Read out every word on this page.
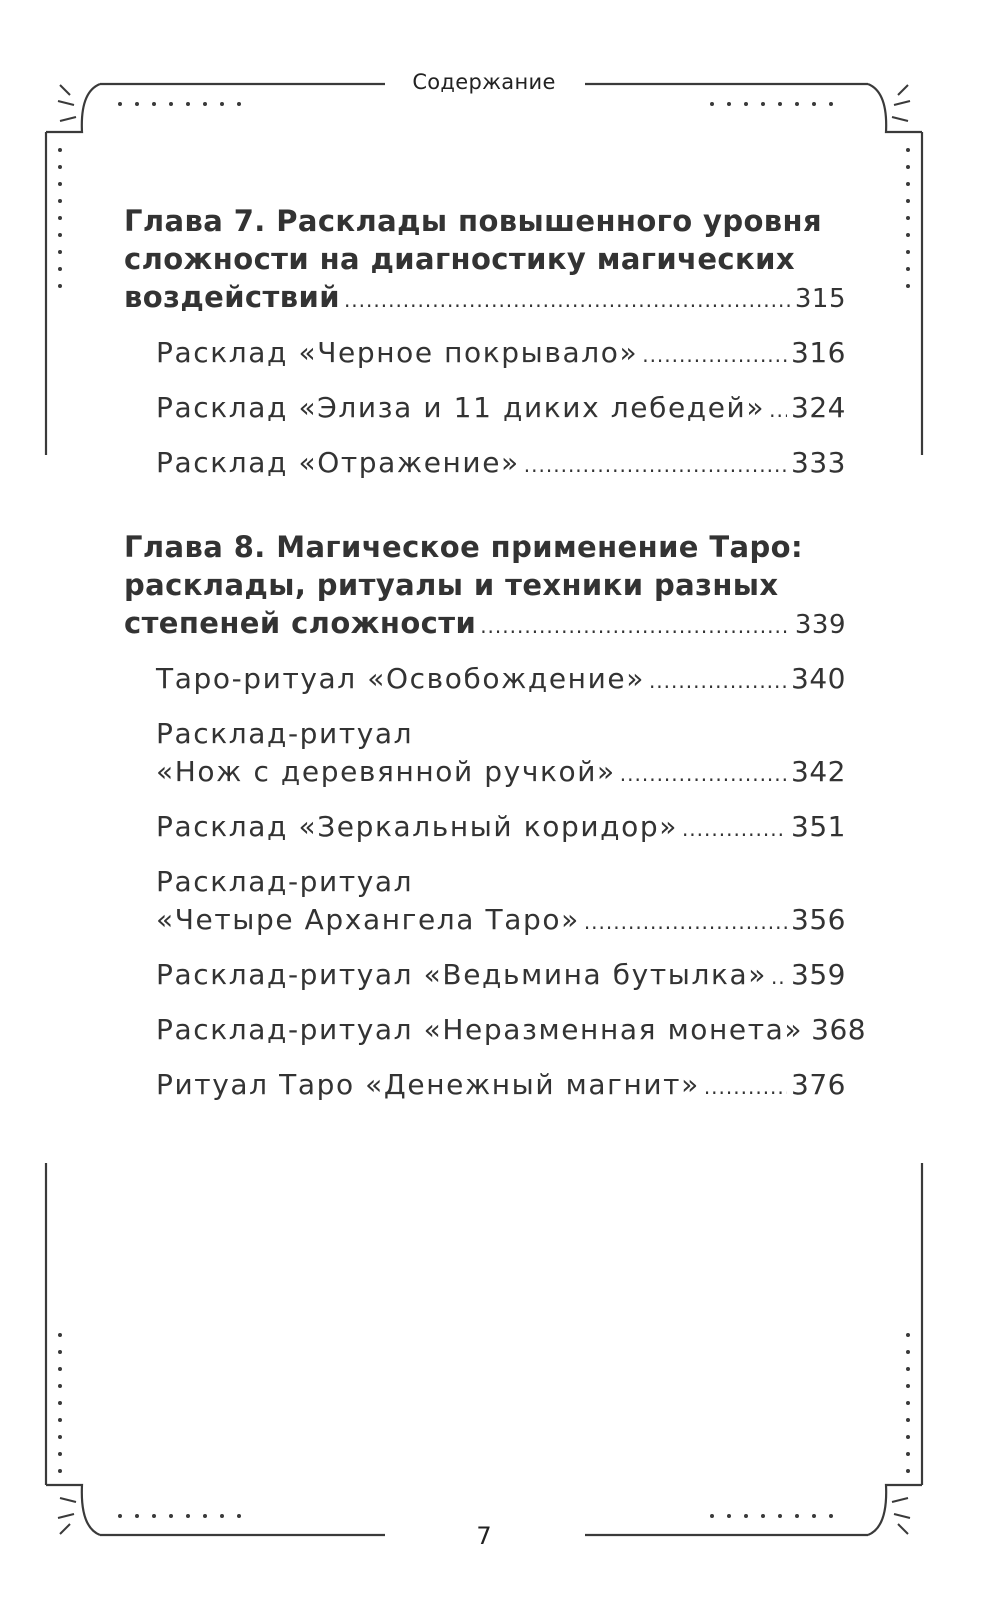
Содержание
Глава 7. Расклады повышенного уровня
сложности на диагностику магических
воздействий .....	315
Расклад «Черное покрывало» .....	316
Расклад «Элиза и 11 диких лебедей» ..... 324
Расклад «Отражение» .....	333
Глава 8. Магическое применение Таро:
расклады, ритуалы и техники разных
степеней сложности .....	339
Таро-ритуал «Освобождение» .....	340
Расклад-ритуал
«Нож с деревянной ручкой» .....	342
Расклад «Зеркальный коридор» .....	351
Расклад-ритуал
«Четыре Архангела Таро» .....	356
Расклад-ритуал «Ведьмина бутылка» ..... 359
Расклад-ритуал «Неразменная монета» 368
Ритуал Таро «Денежный магнит» .....	376
7
